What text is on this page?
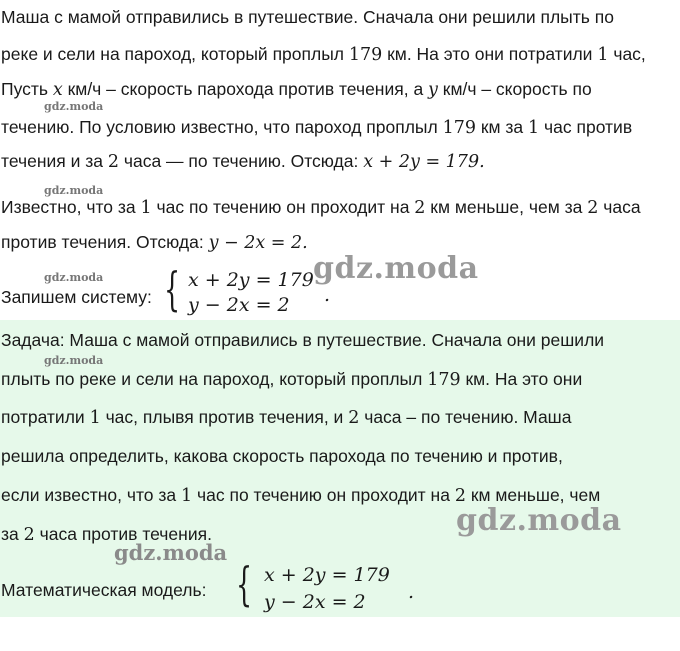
Маша с мамой отправились в путешествие. Сначала они решили плыть по
реке и сели на пароход, который проплыл 179 км. На это они потратили 1 час,
Пусть x км/ч – скорость парохода против течения, а y км/ч – скорость по
течению. По условию известно, что пароход проплыл 179 км за 1 час против
течения и за 2 часа — по течению. Отсюда: x + 2y = 179.
Известно, что за 1 час по течению он проходит на 2 км меньше, чем за 2 часа
против течения. Отсюда: y − 2x = 2.
Запишем систему: { x + 2y = 179
y − 2x = 2 .
Задача: Маша с мамой отправились в путешествие. Сначала они решили
плыть по реке и сели на пароход, который проплыл 179 км. На это они
потратили 1 час, плывя против течения, и 2 часа – по течению. Маша
решила определить, какова скорость парохода по течению и против,
если известно, что за 1 час по течению он проходит на 2 км меньше, чем
за 2 часа против течения.
Математическая модель: { x + 2y = 179
y − 2x = 2 .
gdz.moda
gdz.moda
gdz.moda
gdz.moda
gdz.moda
gdz.moda
gdz.moda
